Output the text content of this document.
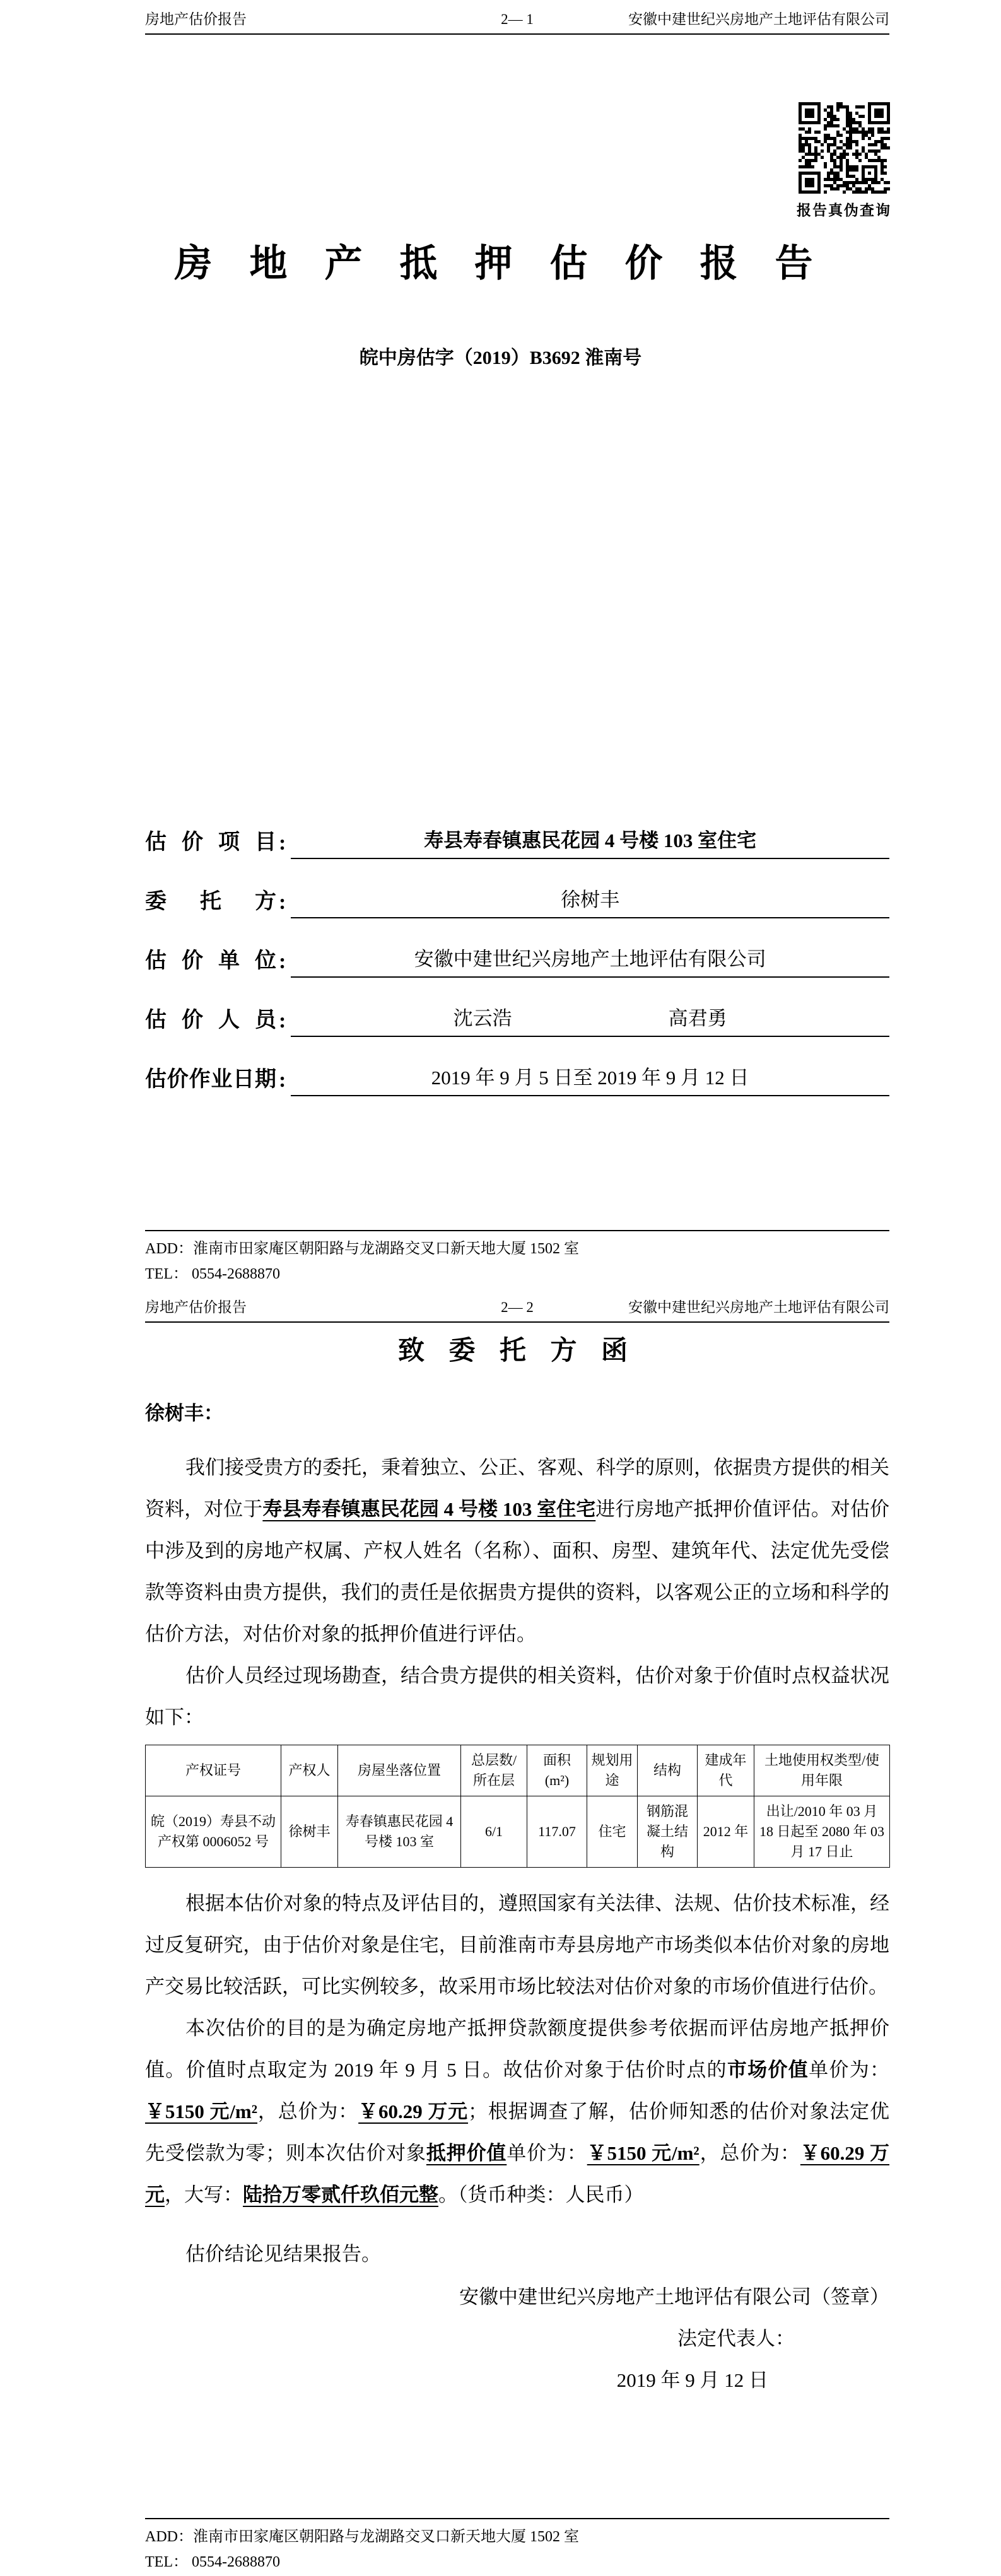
房地产估价报告	2— 1	安徽中建世纪兴房地产土地评估有限公司
报告真伪查询
房 地 产 抵 押 估 价 报 告
皖中房估字（2019）B3692 淮南号
估价项目 :	寿县寿春镇惠民花园 4 号楼 103 室住宅
委托方 :	徐树丰
估价单位 :	安徽中建世纪兴房地产土地评估有限公司
估价人员 :	沈云浩　　　　　　　　高君勇
估价作业日期 :	2019 年 9 月 5 日至 2019 年 9 月 12 日
ADD：淮南市田家庵区朝阳路与龙湖路交叉口新天地大厦 1502 室
TEL： 0554-2688870
房地产估价报告	2— 2	安徽中建世纪兴房地产土地评估有限公司
致 委 托 方 函
徐树丰：

我们接受贵方的委托，秉着独立、公正、客观、科学的原则，依据贵方提供的相关资料，对位于寿县寿春镇惠民花园 4 号楼 103 室住宅进行房地产抵押价值评估。对估价中涉及到的房地产权属、产权人姓名（名称）、面积、房型、建筑年代、法定优先受偿款等资料由贵方提供，我们的责任是依据贵方提供的资料，以客观公正的立场和科学的估价方法，对估价对象的抵押价值进行评估。

估价人员经过现场勘查，结合贵方提供的相关资料，估价对象于价值时点权益状况如下：

产权证号	产权人	房屋坐落位置	总层数/所在层	面积 (m²)	规划用途	结构	建成年代	土地使用权类型/使用年限
皖（2019）寿县不动产权第 0006052 号	徐树丰	寿春镇惠民花园 4 号楼 103 室	6/1	117.07	住宅	钢筋混凝土结构	2012 年	出让/2010 年 03 月 18 日起至 2080 年 03 月 17 日止

根据本估价对象的特点及评估目的，遵照国家有关法律、法规、估价技术标准，经过反复研究，由于估价对象是住宅，目前淮南市寿县房地产市场类似本估价对象的房地产交易比较活跃，可比实例较多，故采用市场比较法对估价对象的市场价值进行估价。

本次估价的目的是为确定房地产抵押贷款额度提供参考依据而评估房地产抵押价值。价值时点取定为 2019 年 9 月 5 日。故估价对象于估价时点的市场价值单价为：￥5150 元/m²，总价为：￥60.29 万元；根据调查了解，估价师知悉的估价对象法定优先受偿款为零；则本次估价对象抵押价值单价为：￥5150 元/m²，总价为：￥60.29 万元，大写：陆拾万零贰仟玖佰元整。（货币种类：人民币）

估价结论见结果报告。

安徽中建世纪兴房地产土地评估有限公司（签章）
法定代表人：
2019 年 9 月 12 日
ADD：淮南市田家庵区朝阳路与龙湖路交叉口新天地大厦 1502 室
TEL： 0554-2688870
